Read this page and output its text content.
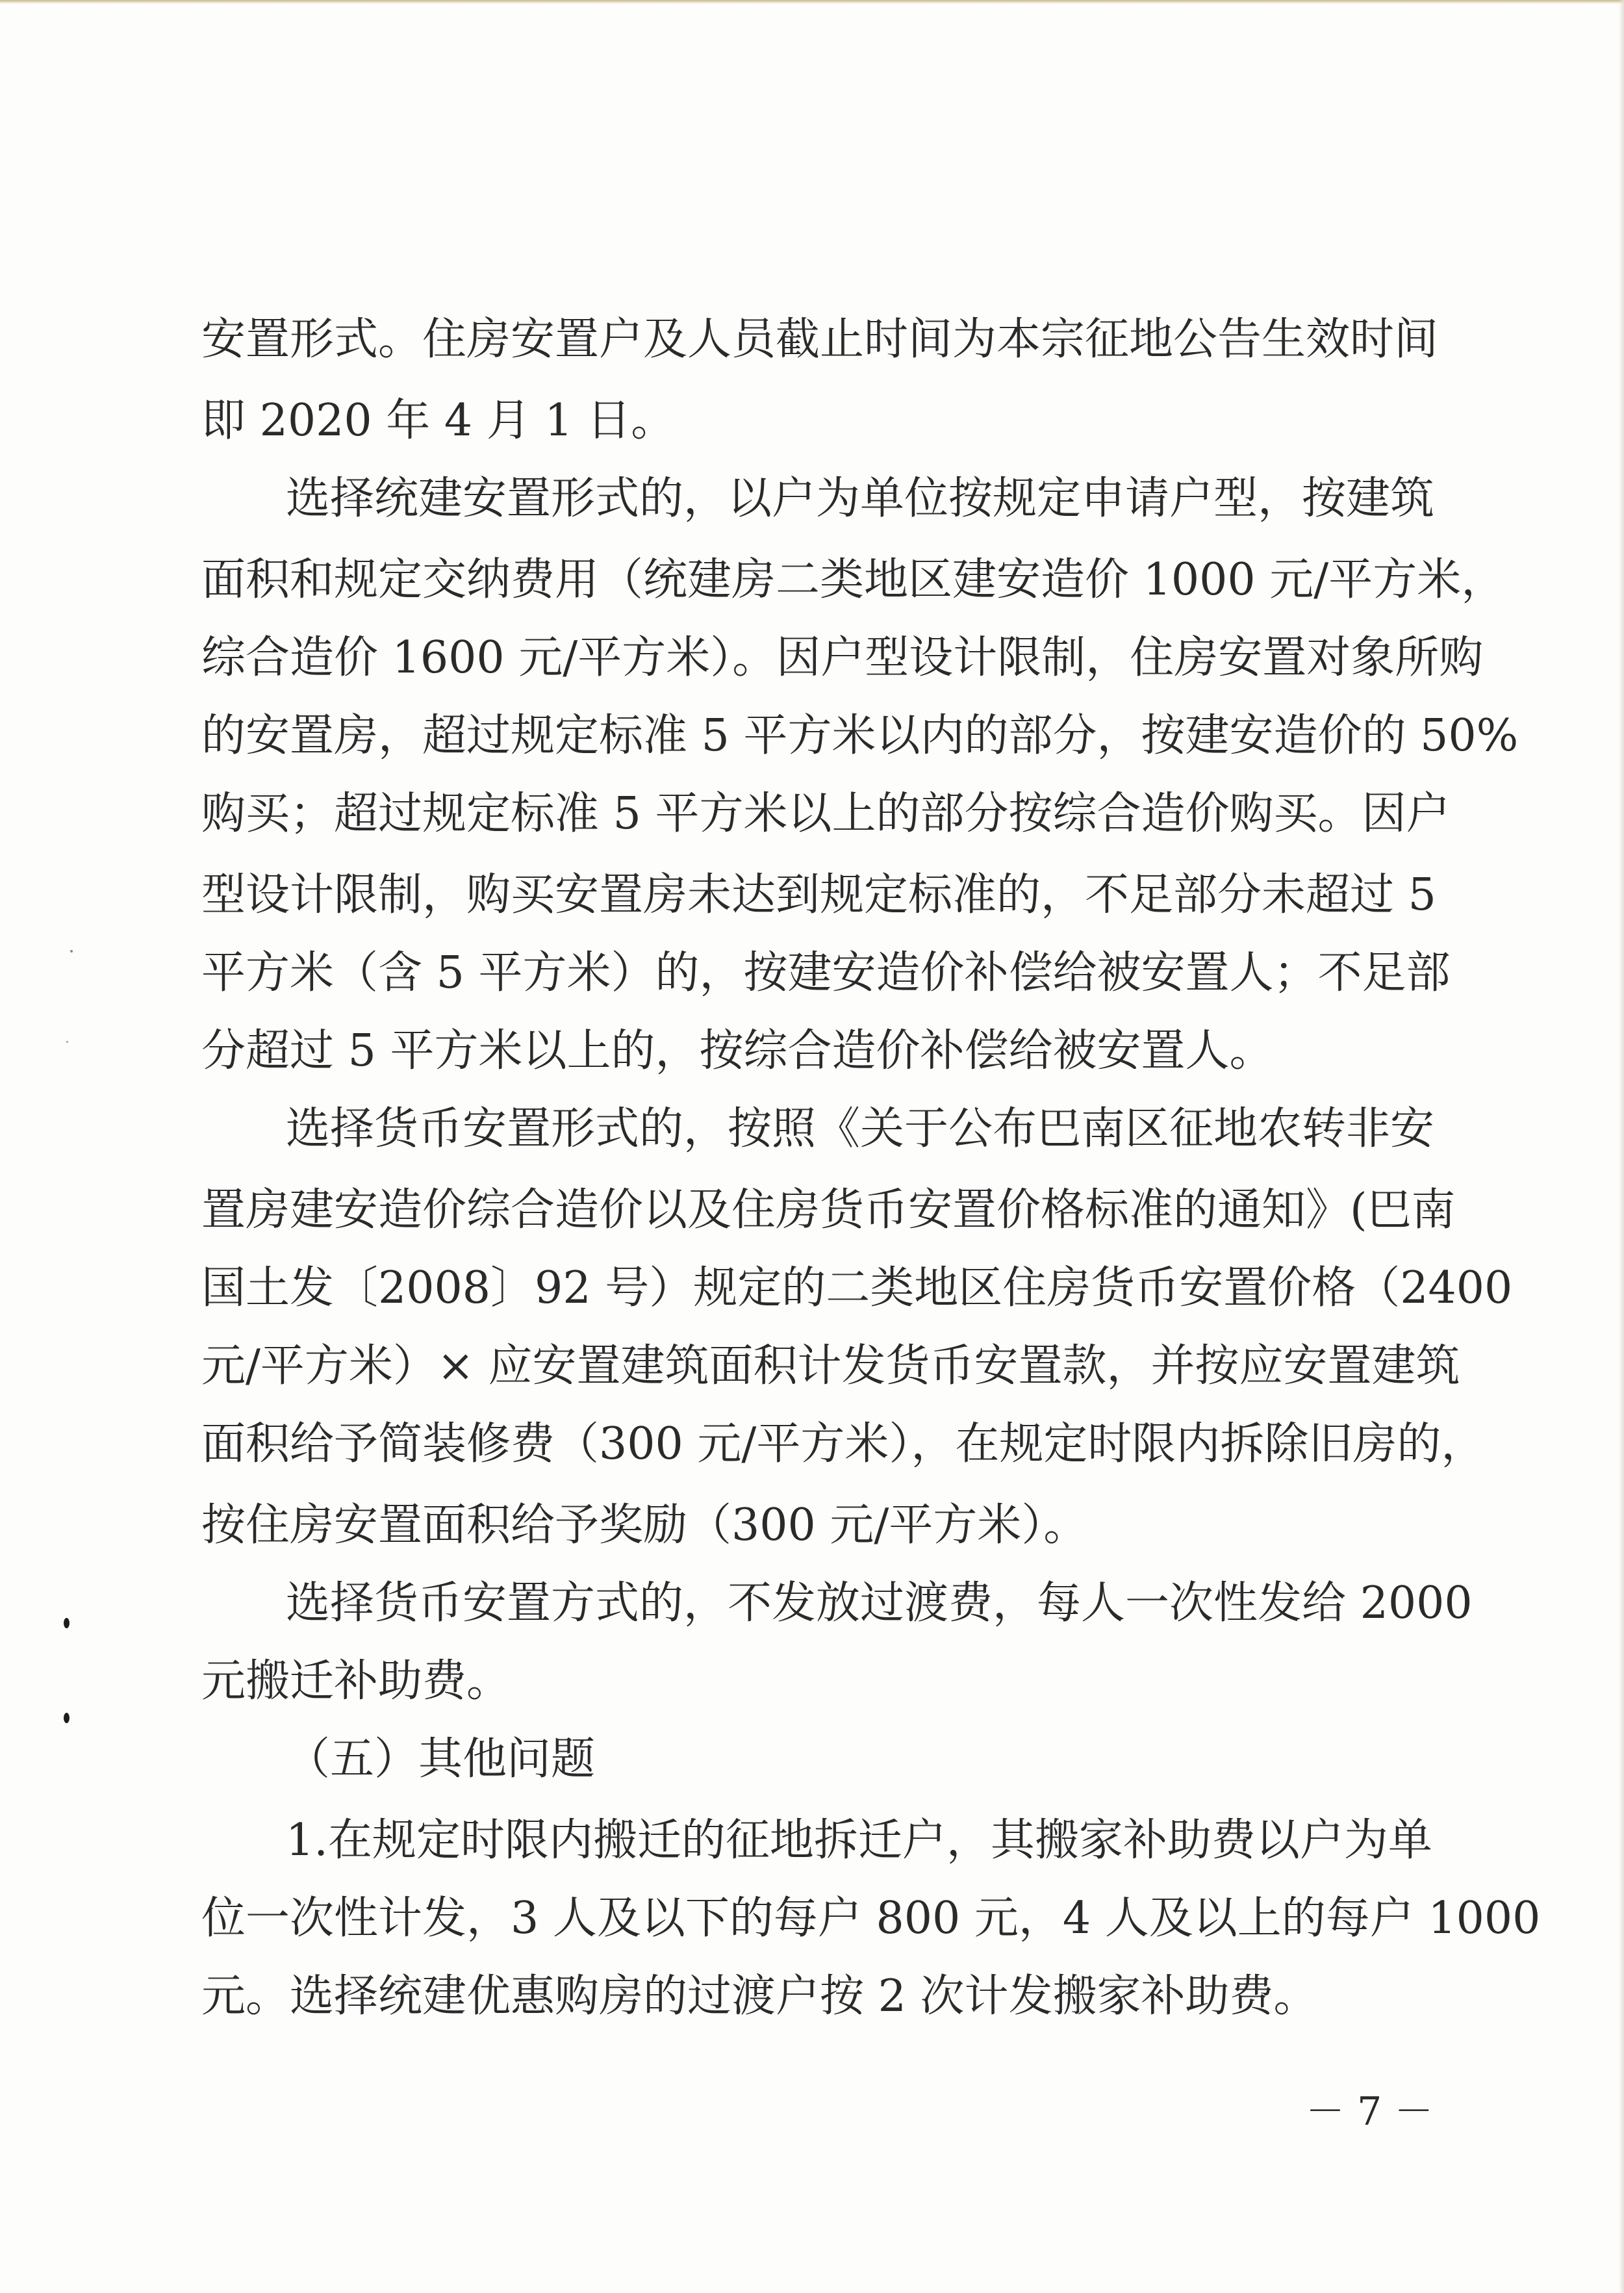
安置形式。住房安置户及人员截止时间为本宗征地公告生效时间

即 2020 年 4 月 1 日。

选择统建安置形式的，以户为单位按规定申请户型，按建筑

面积和规定交纳费用（统建房二类地区建安造价 1000 元/平方米，

综合造价 1600 元/平方米）。因户型设计限制，住房安置对象所购

的安置房，超过规定标准 5 平方米以内的部分，按建安造价的 50%

购买；超过规定标准 5 平方米以上的部分按综合造价购买。因户

型设计限制，购买安置房未达到规定标准的，不足部分未超过 5

平方米（含 5 平方米）的，按建安造价补偿给被安置人；不足部

分超过 5 平方米以上的，按综合造价补偿给被安置人。

选择货币安置形式的，按照《关于公布巴南区征地农转非安

置房建安造价综合造价以及住房货币安置价格标准的通知》(巴南

国土发〔2008〕92 号）规定的二类地区住房货币安置价格（2400

元/平方米）× 应安置建筑面积计发货币安置款，并按应安置建筑

面积给予简装修费（300 元/平方米），在规定时限内拆除旧房的，

按住房安置面积给予奖励（300 元/平方米）。

选择货币安置方式的，不发放过渡费，每人一次性发给 2000

元搬迁补助费。

（五）其他问题

1.在规定时限内搬迁的征地拆迁户，其搬家补助费以户为单

位一次性计发，3 人及以下的每户 800 元，4 人及以上的每户 1000

元。选择统建优惠购房的过渡户按 2 次计发搬家补助费。

－ 7 －
